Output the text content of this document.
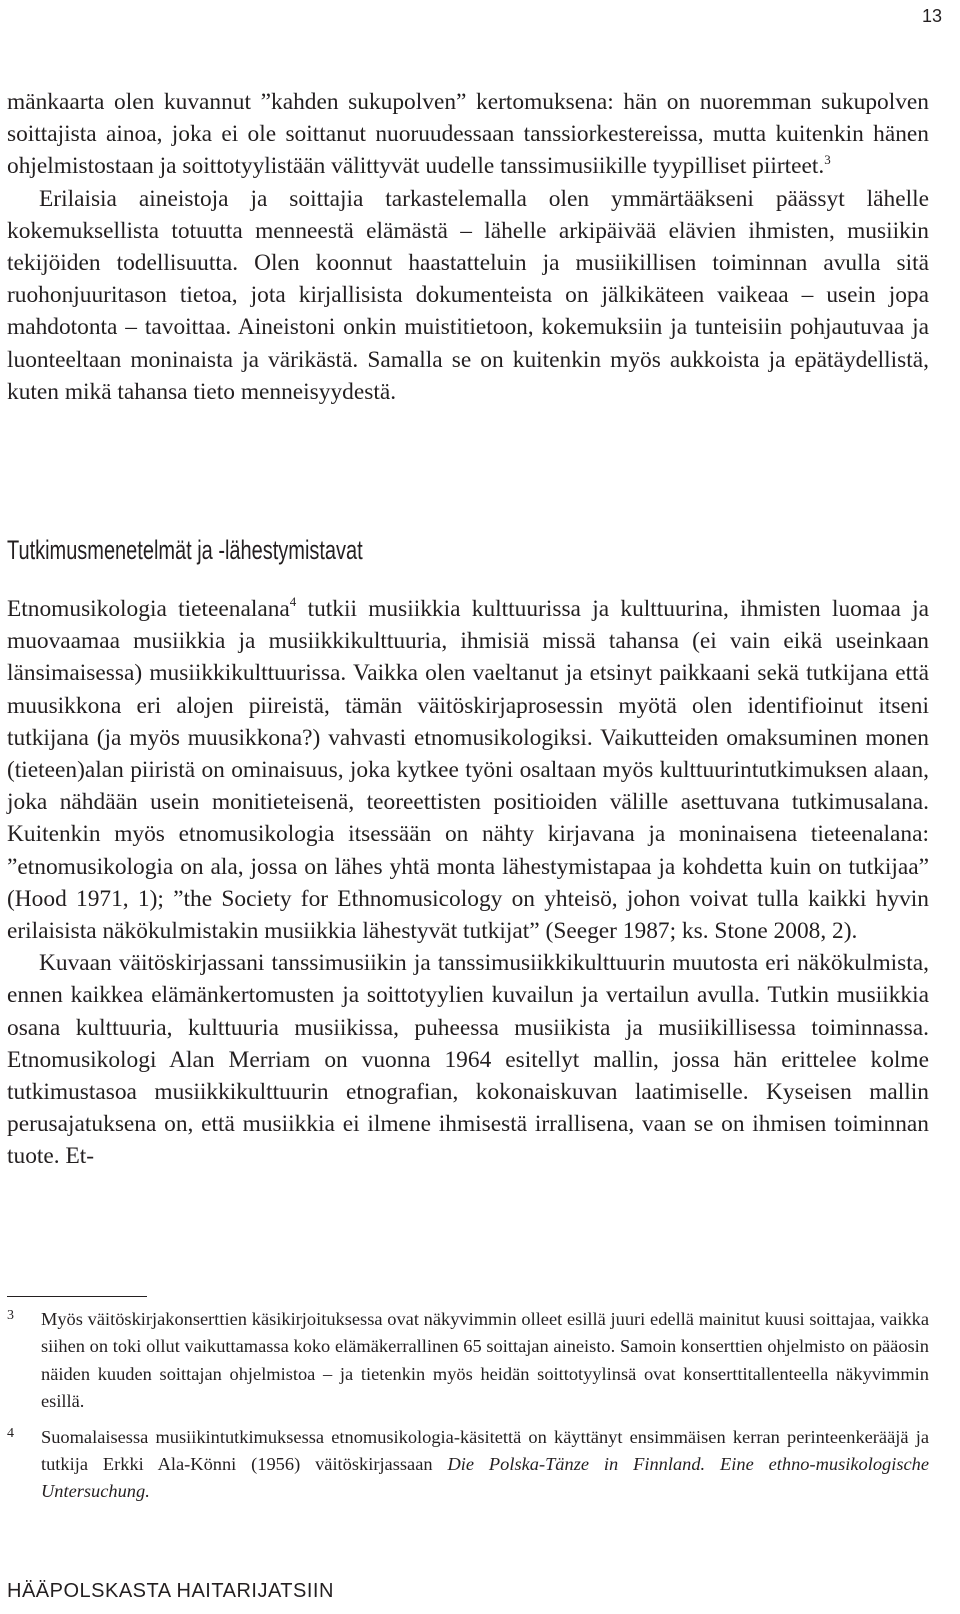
13

mänkaarta olen kuvannut ”kahden sukupolven” kertomuksena: hän on nuoremman sukupolven soittajista ainoa, joka ei ole soittanut nuoruudessaan tanssiorkestereissa, mutta kuitenkin hänen ohjelmistostaan ja soittotyylistään välittyvät uudelle tanssimusiikille tyypilliset piirteet.$^3$

Erilaisia aineistoja ja soittajia tarkastelemalla olen ymmärtääkseni päässyt lähelle kokemuksellista totuutta menneestä elämästä – lähelle arkipäivää elävien ihmisten, musiikin tekijöiden todellisuutta. Olen koonnut haastatteluin ja musiikillisen toiminnan avulla sitä ruohonjuuritason tietoa, jota kirjallisista dokumenteista on jälkikäteen vaikeaa – usein jopa mahdotonta – tavoittaa. Aineistoni onkin muistitietoon, kokemuksiin ja tunteisiin pohjautuvaa ja luonteeltaan moninaista ja värikästä. Samalla se on kuitenkin myös aukkoista ja epätäydellistä, kuten mikä tahansa tieto menneisyydestä.

Tutkimusmenetelmät ja -lähestymistavat

Etnomusikologia tieteenalana$^4$ tutkii musiikkia kulttuurissa ja kulttuurina, ihmisten luomaa ja muovaamaa musiikkia ja musiikkikulttuuria, ihmisiä missä tahansa (ei vain eikä useinkaan länsimaisessa) musiikkikulttuurissa. Vaikka olen vaeltanut ja etsinyt paikkaani sekä tutkijana että muusikkona eri alojen piireistä, tämän väitöskirjaprosessin myötä olen identifioinut itseni tutkijana (ja myös muusikkona?) vahvasti etnomusikologiksi. Vaikutteiden omaksuminen monen (tieteen)alan piiristä on ominaisuus, joka kytkee työni osaltaan myös kulttuurintutkimuksen alaan, joka nähdään usein monitieteisenä, teoreettisten positioiden välille asettuvana tutkimusalana. Kuitenkin myös etnomusikologia itsessään on nähty kirjavana ja moninaisena tieteenalana: ”etnomusikologia on ala, jossa on lähes yhtä monta lähestymistapaa ja kohdetta kuin on tutkijaa” (Hood 1971, 1); ”the Society for Ethnomusicology on yhteisö, johon voivat tulla kaikki hyvin erilaisista näkökulmistakin musiikkia lähestyvät tutkijat” (Seeger 1987; ks. Stone 2008, 2).

Kuvaan väitöskirjassani tanssimusiikin ja tanssimusiikkikulttuurin muutosta eri näkökulmista, ennen kaikkea elämänkertomusten ja soittotyylien kuvailun ja vertailun avulla. Tutkin musiikkia osana kulttuuria, kulttuuria musiikissa, puheessa musiikista ja musiikillisessa toiminnassa. Etnomusikologi Alan Merriam on vuonna 1964 esitellyt mallin, jossa hän erittelee kolme tutkimustasoa musiikkikulttuurin etnografian, kokonaiskuvan laatimiselle. Kyseisen mallin perusajatuksena on, että musiikkia ei ilmene ihmisestä irrallisena, vaan se on ihmisen toiminnan tuote. Et-

3	Myös väitöskirjakonserttien käsikirjoituksessa ovat näkyvimmin olleet esillä juuri edellä mainitut kuusi soittajaa, vaikka siihen on toki ollut vaikuttamassa koko elämäkerrallinen 65 soittajan aineisto. Samoin konserttien ohjelmisto on pääosin näiden kuuden soittajan ohjelmistoa – ja tietenkin myös heidän soittotyylinsä ovat konserttitallenteella näkyvimmin esillä.
4	Suomalaisessa musiikintutkimuksessa etnomusikologia-käsitettä on käyttänyt ensimmäisen kerran perinteenkerääjä ja tutkija Erkki Ala-Könni (1956) väitöskirjassaan Die Polska-Tänze in Finnland. Eine ethno-musikologische Untersuchung.
HÄÄPOLSKASTA HAITARIJATSIIN
